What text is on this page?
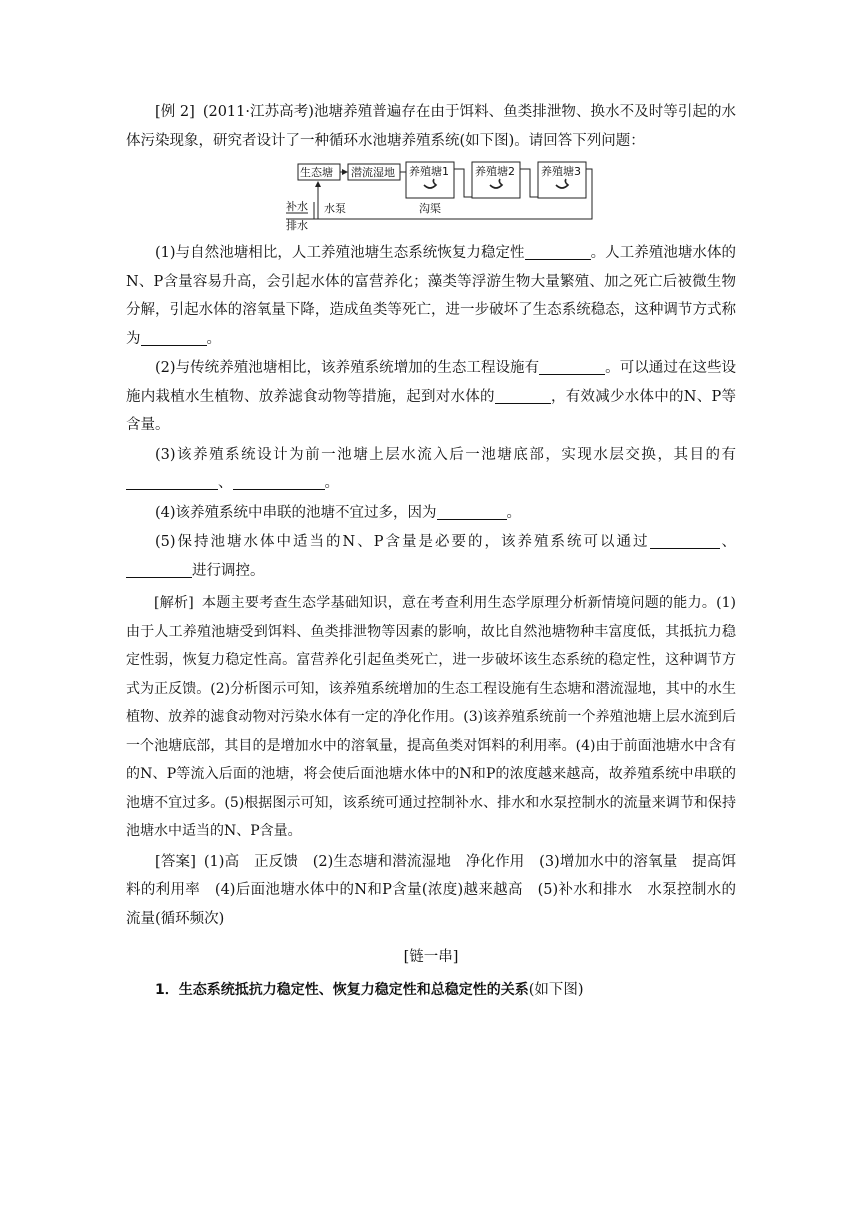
[例 2] (2011·江苏高考)池塘养殖普遍存在由于饵料、鱼类排泄物、换水不及时等引起的水体污染现象，研究者设计了一种循环水池塘养殖系统(如下图)。请回答下列问题：

生态塘 潜流湿地 养殖塘1 养殖塘2 养殖塘3
沟渠
水泵
补水
排水

(1)与自然池塘相比，人工养殖池塘生态系统恢复力稳定性	。人工养殖池塘水体的N、P含量容易升高，会引起水体的富营养化；藻类等浮游生物大量繁殖、加之死亡后被微生物分解，引起水体的溶氧量下降，造成鱼类等死亡，进一步破坏了生态系统稳态，这种调节方式称为	。

(2)与传统养殖池塘相比，该养殖系统增加的生态工程设施有	。可以通过在这些设施内栽植水生植物、放养滤食动物等措施，起到对水体的	，有效减少水体中的N、P等含量。

(3)该养殖系统设计为前一池塘上层水流入后一池塘底部，实现水层交换，其目的有、	。

(4)该养殖系统中串联的池塘不宜过多，因为	。

(5)保持池塘水体中适当的N、P含量是必要的，该养殖系统可以通过	、进行调控。

[解析] 本题主要考查生态学基础知识，意在考查利用生态学原理分析新情境问题的能力。(1)由于人工养殖池塘受到饵料、鱼类排泄物等因素的影响，故比自然池塘物种丰富度低，其抵抗力稳定性弱，恢复力稳定性高。富营养化引起鱼类死亡，进一步破坏该生态系统的稳定性，这种调节方式为正反馈。(2)分析图示可知，该养殖系统增加的生态工程设施有生态塘和潜流湿地，其中的水生植物、放养的滤食动物对污染水体有一定的净化作用。(3)该养殖系统前一个养殖池塘上层水流到后一个池塘底部，其目的是增加水中的溶氧量，提高鱼类对饵料的利用率。(4)由于前面池塘水中含有的N、P等流入后面的池塘，将会使后面池塘水体中的N和P的浓度越来越高，故养殖系统中串联的池塘不宜过多。(5)根据图示可知，该系统可通过控制补水、排水和水泵控制水的流量来调节和保持池塘水中适当的N、P含量。

[答案] (1)高　正反馈　(2)生态塘和潜流湿地　净化作用　(3)增加水中的溶氧量　提高饵料的利用率　(4)后面池塘水体中的N和P含量(浓度)越来越高　(5)补水和排水　水泵控制水的流量(循环频次)

[链一串]

1．生态系统抵抗力稳定性、恢复力稳定性和总稳定性的关系(如下图)
